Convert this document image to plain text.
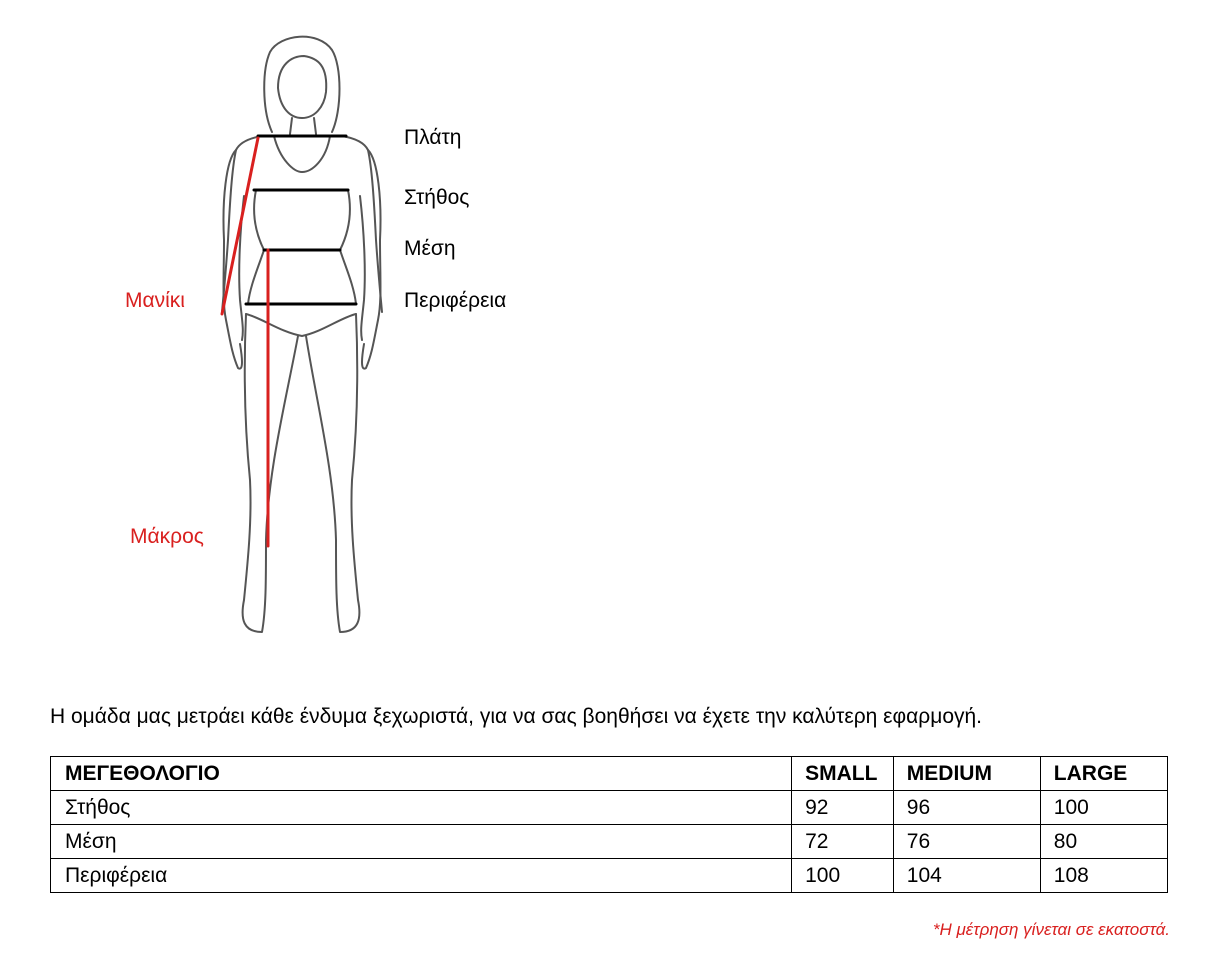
Πλάτη
Στήθος
Μέση
Περιφέρεια
Μανίκι
Μάκρος
Η ομάδα μας μετράει κάθε ένδυμα ξεχωριστά, για να σας βοηθήσει να έχετε την καλύτερη εφαρμογή.
ΜΕΓΕΘΟΛΟΓΙΟ	SMALL	MEDIUM	LARGE
Στήθος	92	96	100
Μέση	72	76	80
Περιφέρεια	100	104	108
*Η μέτρηση γίνεται σε εκατοστά.
